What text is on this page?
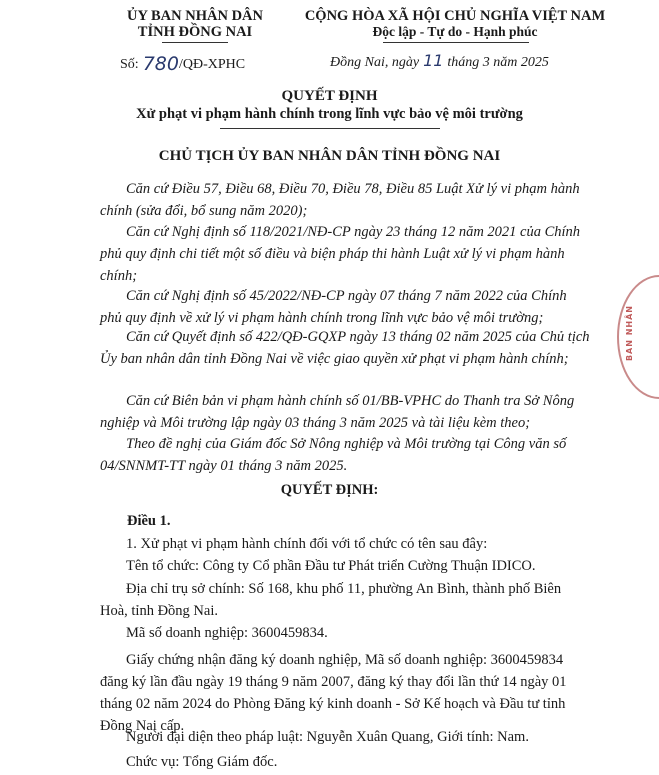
ỦY BAN NHÂN DÂN
TỈNH ĐỒNG NAI
CỘNG HÒA XÃ HỘI CHỦ NGHĨA VIỆT NAM
Độc lập - Tự do - Hạnh phúc
Số: 780/QĐ-XPHC	Đồng Nai, ngày 11 tháng 3 năm 2025
QUYẾT ĐỊNH
Xử phạt vi phạm hành chính trong lĩnh vực bảo vệ môi trường
CHỦ TỊCH ỦY BAN NHÂN DÂN TỈNH ĐỒNG NAI
Căn cứ Điều 57, Điều 68, Điều 70, Điều 78, Điều 85 Luật Xử lý vi phạm hành chính (sửa đổi, bổ sung năm 2020);
Căn cứ Nghị định số 118/2021/NĐ-CP ngày 23 tháng 12 năm 2021 của Chính phủ quy định chi tiết một số điều và biện pháp thi hành Luật xử lý vi phạm hành chính;
Căn cứ Nghị định số 45/2022/NĐ-CP ngày 07 tháng 7 năm 2022 của Chính phủ quy định về xử lý vi phạm hành chính trong lĩnh vực bảo vệ môi trường;
Căn cứ Quyết định số 422/QĐ-GQXP ngày 13 tháng 02 năm 2025 của Chủ tịch Ủy ban nhân dân tỉnh Đồng Nai về việc giao quyền xử phạt vi phạm hành chính;
Căn cứ Biên bản vi phạm hành chính số 01/BB-VPHC do Thanh tra Sở Nông nghiệp và Môi trường lập ngày 03 tháng 3 năm 2025 và tài liệu kèm theo;
Theo đề nghị của Giám đốc Sở Nông nghiệp và Môi trường tại Công văn số 04/SNNMT-TT ngày 01 tháng 3 năm 2025.
QUYẾT ĐỊNH:
Điều 1.
1. Xử phạt vi phạm hành chính đối với tổ chức có tên sau đây:
Tên tổ chức: Công ty Cổ phần Đầu tư Phát triển Cường Thuận IDICO.
Địa chỉ trụ sở chính: Số 168, khu phố 11, phường An Bình, thành phố Biên Hoà, tỉnh Đồng Nai.
Mã số doanh nghiệp: 3600459834.
Giấy chứng nhận đăng ký doanh nghiệp, Mã số doanh nghiệp: 3600459834 đăng ký lần đầu ngày 19 tháng 9 năm 2007, đăng ký thay đổi lần thứ 14 ngày 01 tháng 02 năm 2024 do Phòng Đăng ký kinh doanh - Sở Kế hoạch và Đầu tư tỉnh Đồng Nai cấp.
Người đại diện theo pháp luật: Nguyễn Xuân Quang, Giới tính: Nam.
Chức vụ: Tổng Giám đốc.
BAN NHÂN
